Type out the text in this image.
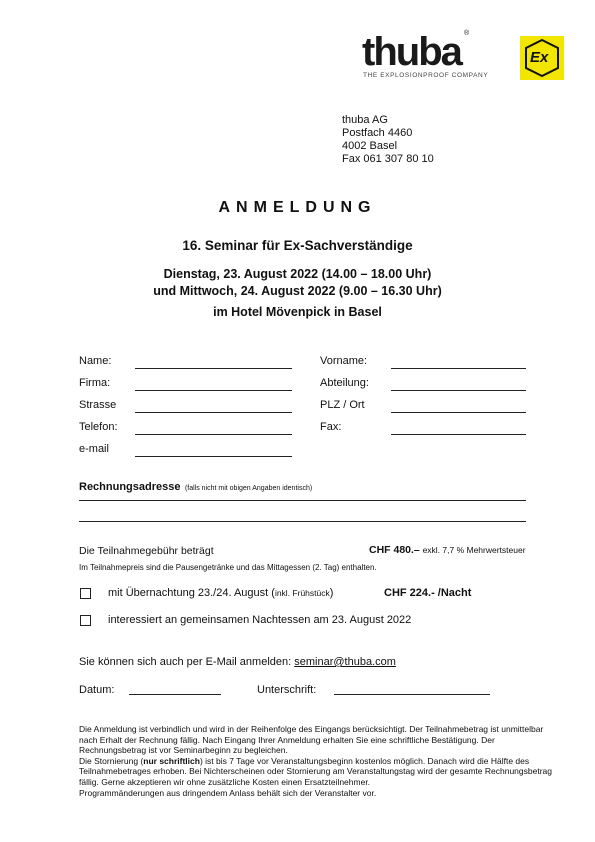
thuba ®
THE EXPLOSIONPROOF COMPANY
Ex
thuba AG
Postfach 4460
4002 Basel
Fax 061 307 80 10
ANMELDUNG
16. Seminar für Ex-Sachverständige
Dienstag, 23. August 2022 (14.00 – 18.00 Uhr)
und Mittwoch, 24. August 2022 (9.00 – 16.30 Uhr)
im Hotel Mövenpick in Basel
Name:	Vorname:
Firma:	Abteilung:
Strasse	PLZ / Ort
Telefon:	Fax:
e-mail
Rechnungsadresse (falls nicht mit obigen Angaben identisch)
Die Teilnahmegebühr beträgt	CHF 480.– exkl. 7,7 % Mehrwertsteuer
Im Teilnahmepreis sind die Pausengetränke und das Mittagessen (2. Tag) enthalten.
mit Übernachtung 23./24. August (inkl. Frühstück)	CHF 224.- /Nacht
interessiert an gemeinsamen Nachtessen am 23. August 2022
Sie können sich auch per E-Mail anmelden: seminar@thuba.com
Datum:	Unterschrift:
Die Anmeldung ist verbindlich und wird in der Reihenfolge des Eingangs berücksichtigt. Der Teilnahmebetrag ist unmittelbar nach Erhalt der Rechnung fällig. Nach Eingang Ihrer Anmeldung erhalten Sie eine schriftliche Bestätigung. Der Rechnungsbetrag ist vor Seminarbeginn zu begleichen.
Die Stornierung (nur schriftlich) ist bis 7 Tage vor Veranstaltungsbeginn kostenlos möglich. Danach wird die Hälfte des Teilnahmebetrages erhoben. Bei Nichterscheinen oder Stornierung am Veranstaltungstag wird der gesamte Rechnungsbetrag fällig. Gerne akzeptieren wir ohne zusätzliche Kosten einen Ersatzteilnehmer.
Programmänderungen aus dringendem Anlass behält sich der Veranstalter vor.
